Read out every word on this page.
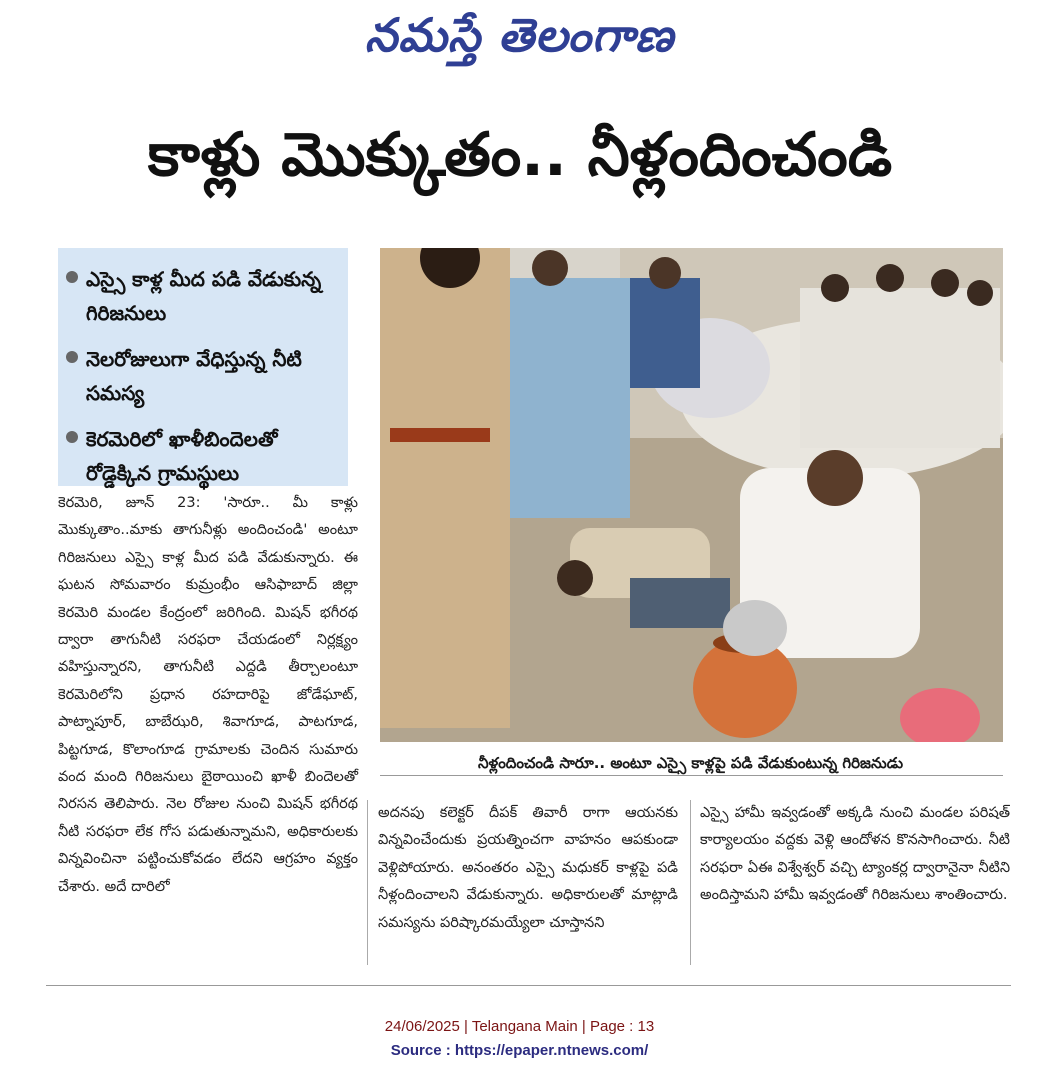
నమస్తే తెలంగాణ
కాళ్లు మొక్కుతం.. నీళ్లందించండి
ఎస్సై కాళ్ల మీద పడి వేడుకున్న గిరిజనులు
నెలరోజులుగా వేధిస్తున్న నీటి సమస్య
కెరమెరిలో ఖాళీబిందెలతో రోడ్డెక్కిన గ్రామస్థులు
నీళ్లందించండి సారూ.. అంటూ ఎస్సై కాళ్లపై పడి వేడుకుంటున్న గిరిజనుడు
కెరమెరి, జూన్ 23: 'సారూ.. మీ కాళ్లు మొక్కుతాం..మాకు తాగునీళ్లు అందించండి' అంటూ గిరిజనులు ఎస్సై కాళ్ల మీద పడి వేడుకున్నారు. ఈ ఘటన సోమవారం కుమ్రంభీం ఆసిఫాబాద్ జిల్లా కెరమెరి మండల కేంద్రంలో జరిగింది. మిషన్ భగీరథ ద్వారా తాగునీటి సరఫరా చేయడంలో నిర్లక్ష్యం వహిస్తున్నారని, తాగునీటి ఎద్దడి తీర్చాలంటూ కెరమెరిలోని ప్రధాన రహదారిపై జోడేఘాట్, పాట్నాపూర్, బాబేఝరి, శివాగూడ, పాటగూడ, పిట్టగూడ, కొలాంగూడ గ్రామాలకు చెందిన సుమారు వంద మంది గిరిజనులు బైఠాయించి ఖాళీ బిందెలతో నిరసన తెలిపారు. నెల రోజుల నుంచి మిషన్ భగీరథ నీటి సరఫరా లేక గోస పడుతున్నామని, అధికారులకు విన్నవించినా పట్టించుకోవడం లేదని ఆగ్రహం వ్యక్తం చేశారు. అదే దారిలో
అదనపు కలెక్టర్ దీపక్ తివారీ రాగా ఆయనకు విన్నవించేందుకు ప్రయత్నించగా వాహనం ఆపకుండా వెళ్లిపోయారు. అనంతరం ఎస్సై మధుకర్ కాళ్లపై పడి నీళ్లందించాలని వేడుకున్నారు. అధికారులతో మాట్లాడి సమస్యను పరిష్కారమయ్యేలా చూస్తానని
ఎస్సై హామీ ఇవ్వడంతో అక్కడి నుంచి మండల పరిషత్ కార్యాలయం వద్దకు వెళ్లి ఆందోళన కొనసాగించారు. నీటి సరఫరా ఏఈ విశ్వేశ్వర్ వచ్చి ట్యాంకర్ల ద్వారానైనా నీటిని అందిస్తామని హామీ ఇవ్వడంతో గిరిజనులు శాంతించారు.
24/06/2025 | Telangana Main | Page : 13
Source : https://epaper.ntnews.com/
